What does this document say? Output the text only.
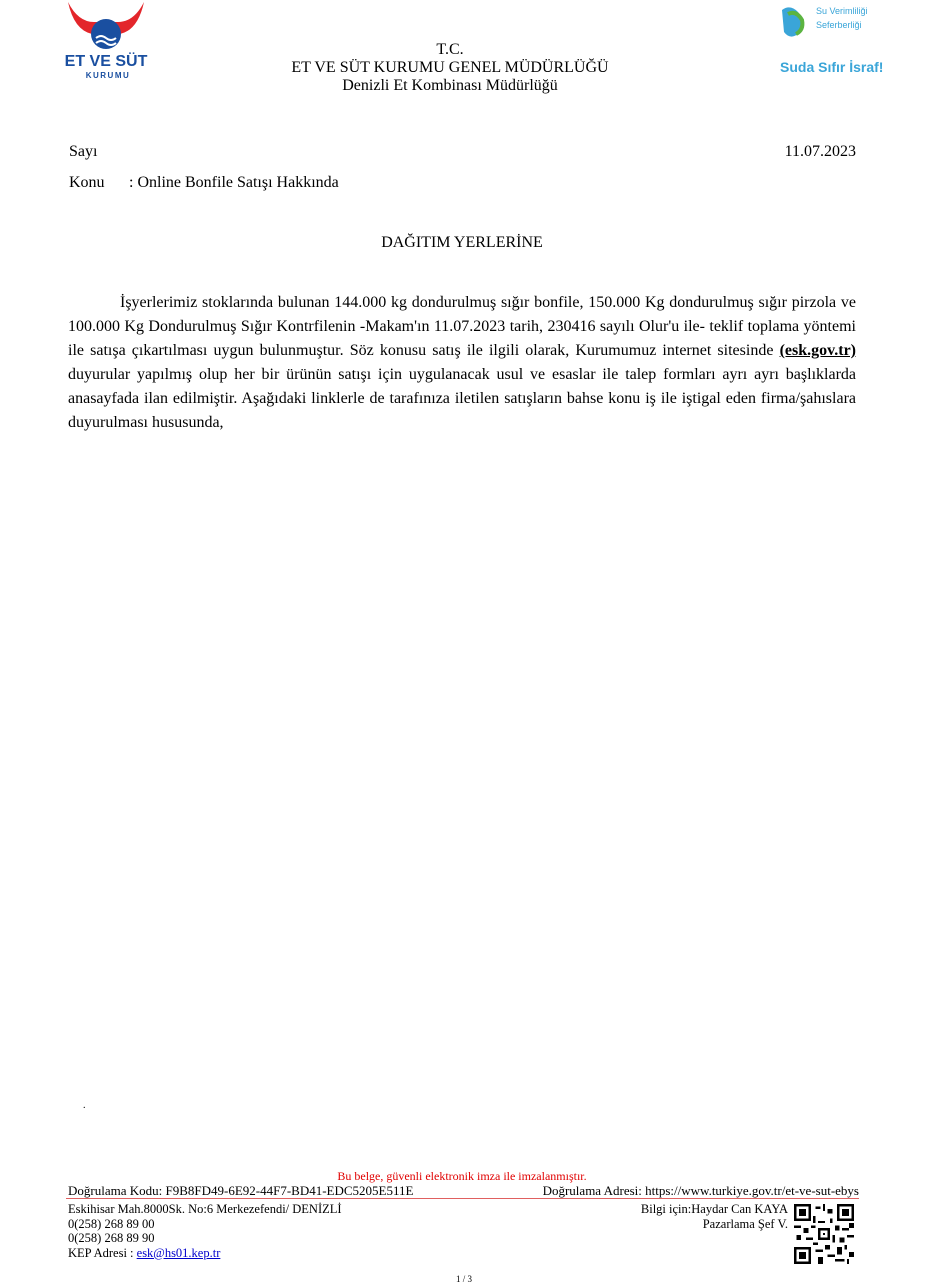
ET VE SÜT
KURUMU
Su Verimliliği
Seferberliği
Suda Sıfır İsraf!
T.C.
ET VE SÜT KURUMU GENEL MÜDÜRLÜĞÜ
Denizli Et Kombinası Müdürlüğü
Sayı	11.07.2023
Konu : Online Bonfile Satışı Hakkında
DAĞITIM YERLERİNE

İşyerlerimiz stoklarında bulunan 144.000 kg dondurulmuş sığır bonfile, 150.000 Kg dondurulmuş sığır pirzola ve 100.000 Kg Dondurulmuş Sığır Kontrfilenin -Makam'ın 11.07.2023 tarih, 230416 sayılı Olur'u ile- teklif toplama yöntemi ile satışa çıkartılması uygun bulunmuştur. Söz konusu satış ile ilgili olarak, Kurumumuz internet sitesinde (esk.gov.tr) duyurular yapılmış olup her bir ürünün satışı için uygulanacak usul ve esaslar ile talep formları ayrı ayrı başlıklarda anasayfada ilan edilmiştir. Aşağıdaki linklerle de tarafınıza iletilen satışların bahse konu iş ile iştigal eden firma/şahıslara duyurulması hususunda,

.
Bu belge, güvenli elektronik imza ile imzalanmıştır.
Doğrulama Kodu: F9B8FD49-6E92-44F7-BD41-EDC5205E511E	Doğrulama Adresi: https://www.turkiye.gov.tr/et-ve-sut-ebys
Eskihisar Mah.8000Sk. No:6 Merkezefendi/ DENİZLİ
0(258) 268 89 00
0(258) 268 89 90
KEP Adresi : esk@hs01.kep.tr
Bilgi için:Haydar Can KAYA
Pazarlama Şef V.
1 / 3
